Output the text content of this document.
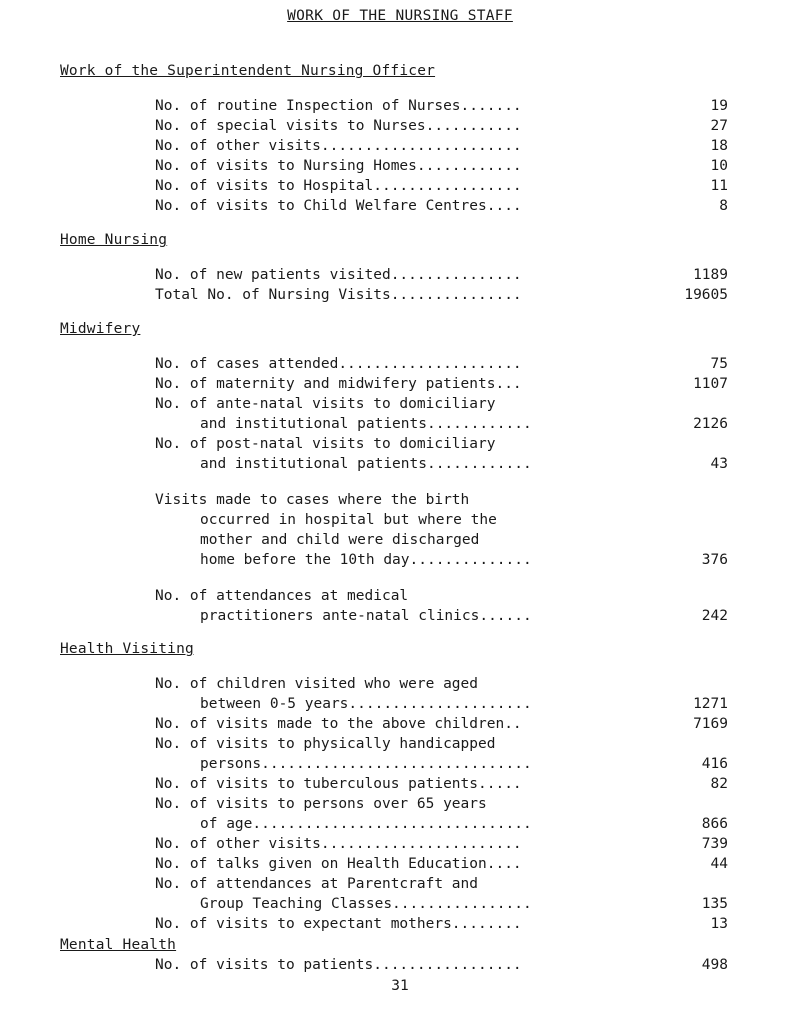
WORK OF THE NURSING STAFF
Work of the Superintendent Nursing Officer
No. of routine Inspection of Nurses.......	19
No. of special visits to Nurses...........	27
No. of other visits.......................	18
No. of visits to Nursing Homes............	10
No. of visits to Hospital.................	11
No. of visits to Child Welfare Centres....	8
Home Nursing
No. of new patients visited...............	1189
Total No. of Nursing Visits...............	19605
Midwifery
No. of cases attended.....................	75
No. of maternity and midwifery patients...	1107
No. of ante-natal visits to domiciliary
and institutional patients............	2126
No. of post-natal visits to domiciliary
and institutional patients............	43
Visits made to cases where the birth
occurred in hospital but where the
mother and child were discharged
home before the 10th day..............	376
No. of attendances at medical
practitioners ante-natal clinics......	242
Health Visiting
No. of children visited who were aged
between 0-5 years.....................	1271
No. of visits made to the above children..	7169
No. of visits to physically handicapped
persons...............................	416
No. of visits to tuberculous patients.....	82
No. of visits to persons over 65 years
of age................................	866
No. of other visits.......................	739
No. of talks given on Health Education....	44
No. of attendances at Parentcraft and
Group Teaching Classes................	135
No. of visits to expectant mothers........	13
Mental Health
No. of visits to patients.................	498
31
